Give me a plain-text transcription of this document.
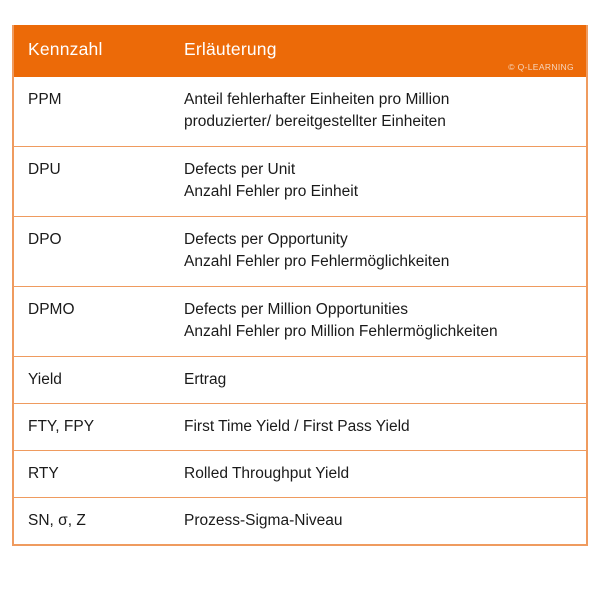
Kennzahl	Erläuterung
© Q-LEARNING

PPM	Anteil fehlerhafter Einheiten pro Million
produzierter/ bereitgestellter Einheiten

DPU	Defects per Unit
Anzahl Fehler pro Einheit

DPO	Defects per Opportunity
Anzahl Fehler pro Fehlermöglichkeiten

DPMO	Defects per Million Opportunities
Anzahl Fehler pro Million Fehlermöglichkeiten

Yield	Ertrag

FTY, FPY	First Time Yield / First Pass Yield

RTY	Rolled Throughput Yield

SN, σ, Z	Prozess-Sigma-Niveau
